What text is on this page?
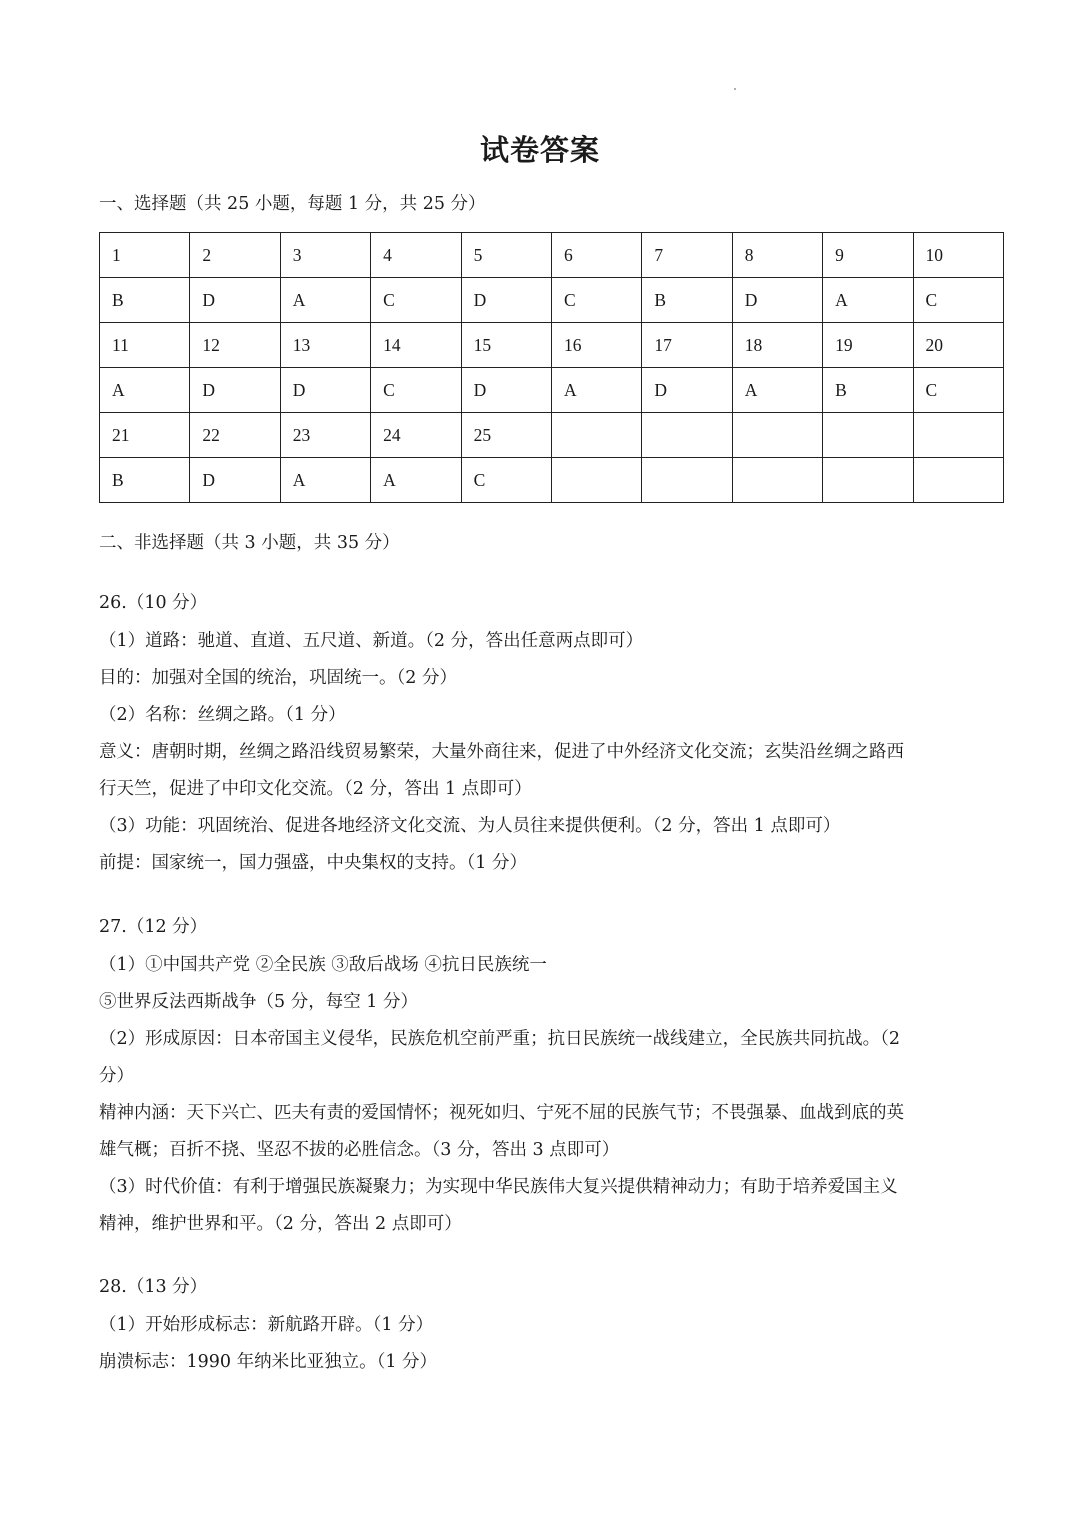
试卷答案
一、选择题（共 25 小题，每题 1 分，共 25 分）
1	2	3	4	5	6	7	8	9	10
B	D	A	C	D	C	B	D	A	C
11	12	13	14	15	16	17	18	19	20
A	D	D	C	D	A	D	A	B	C
21	22	23	24	25					
B	D	A	A	C					
二、非选择题（共 3 小题，共 35 分）
26.（10 分）
（1）道路：驰道、直道、五尺道、新道。（2 分，答出任意两点即可）
目的：加强对全国的统治，巩固统一。（2 分）
（2）名称：丝绸之路。（1 分）
意义：唐朝时期，丝绸之路沿线贸易繁荣，大量外商往来，促进了中外经济文化交流；玄奘沿丝绸之路西
行天竺，促进了中印文化交流。（2 分，答出 1 点即可）
（3）功能：巩固统治、促进各地经济文化交流、为人员往来提供便利。（2 分，答出 1 点即可）
前提：国家统一，国力强盛，中央集权的支持。（1 分）
27.（12 分）
（1）①中国共产党 ②全民族 ③敌后战场 ④抗日民族统一
⑤世界反法西斯战争（5 分，每空 1 分）
（2）形成原因：日本帝国主义侵华，民族危机空前严重；抗日民族统一战线建立，全民族共同抗战。（2
分）
精神内涵：天下兴亡、匹夫有责的爱国情怀；视死如归、宁死不屈的民族气节；不畏强暴、血战到底的英
雄气概；百折不挠、坚忍不拔的必胜信念。（3 分，答出 3 点即可）
（3）时代价值：有利于增强民族凝聚力；为实现中华民族伟大复兴提供精神动力；有助于培养爱国主义
精神，维护世界和平。（2 分，答出 2 点即可）
28.（13 分）
（1）开始形成标志：新航路开辟。（1 分）
崩溃标志：1990 年纳米比亚独立。（1 分）
